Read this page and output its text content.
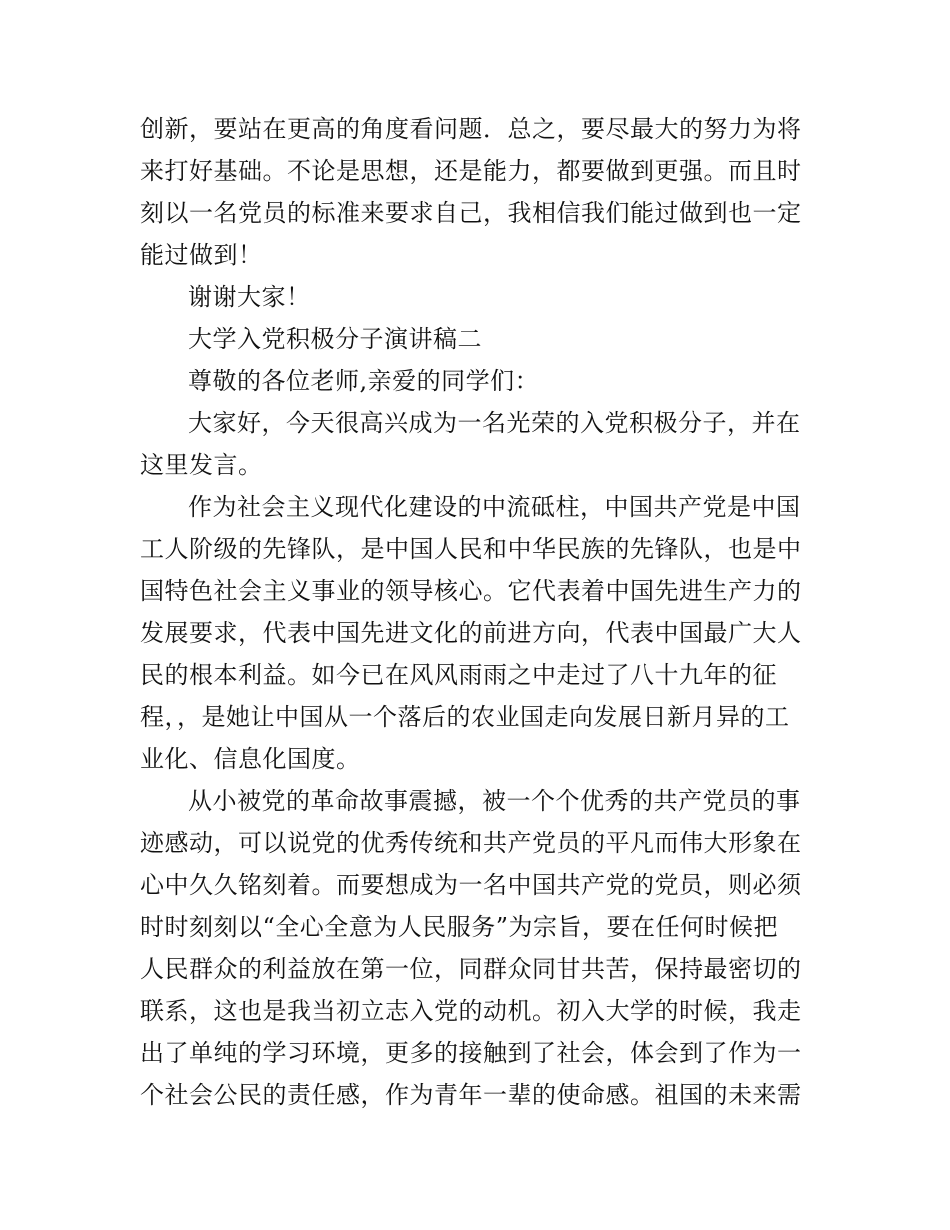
创新，要站在更高的角度看问题．总之，要尽最大的努力为将
来打好基础。不论是思想，还是能力，都要做到更强。而且时
刻以一名党员的标准来要求自己，我相信我们能过做到也一定
能过做到！

谢谢大家！

大学入党积极分子演讲稿二

尊敬的各位老师,亲爱的同学们：

大家好，今天很高兴成为一名光荣的入党积极分子，并在
这里发言。

作为社会主义现代化建设的中流砥柱，中国共产党是中国
工人阶级的先锋队，是中国人民和中华民族的先锋队，也是中
国特色社会主义事业的领导核心。它代表着中国先进生产力的
发展要求，代表中国先进文化的前进方向，代表中国最广大人
民的根本利益。如今已在风风雨雨之中走过了八十九年的征
程，，是她让中国从一个落后的农业国走向发展日新月异的工
业化、信息化国度。

从小被党的革命故事震撼，被一个个优秀的共产党员的事
迹感动，可以说党的优秀传统和共产党员的平凡而伟大形象在
心中久久铭刻着。而要想成为一名中国共产党的党员，则必须
时时刻刻以“全心全意为人民服务”为宗旨，要在任何时候把
人民群众的利益放在第一位，同群众同甘共苦，保持最密切的
联系，这也是我当初立志入党的动机。初入大学的时候，我走
出了单纯的学习环境，更多的接触到了社会，体会到了作为一
个社会公民的责任感，作为青年一辈的使命感。祖国的未来需
